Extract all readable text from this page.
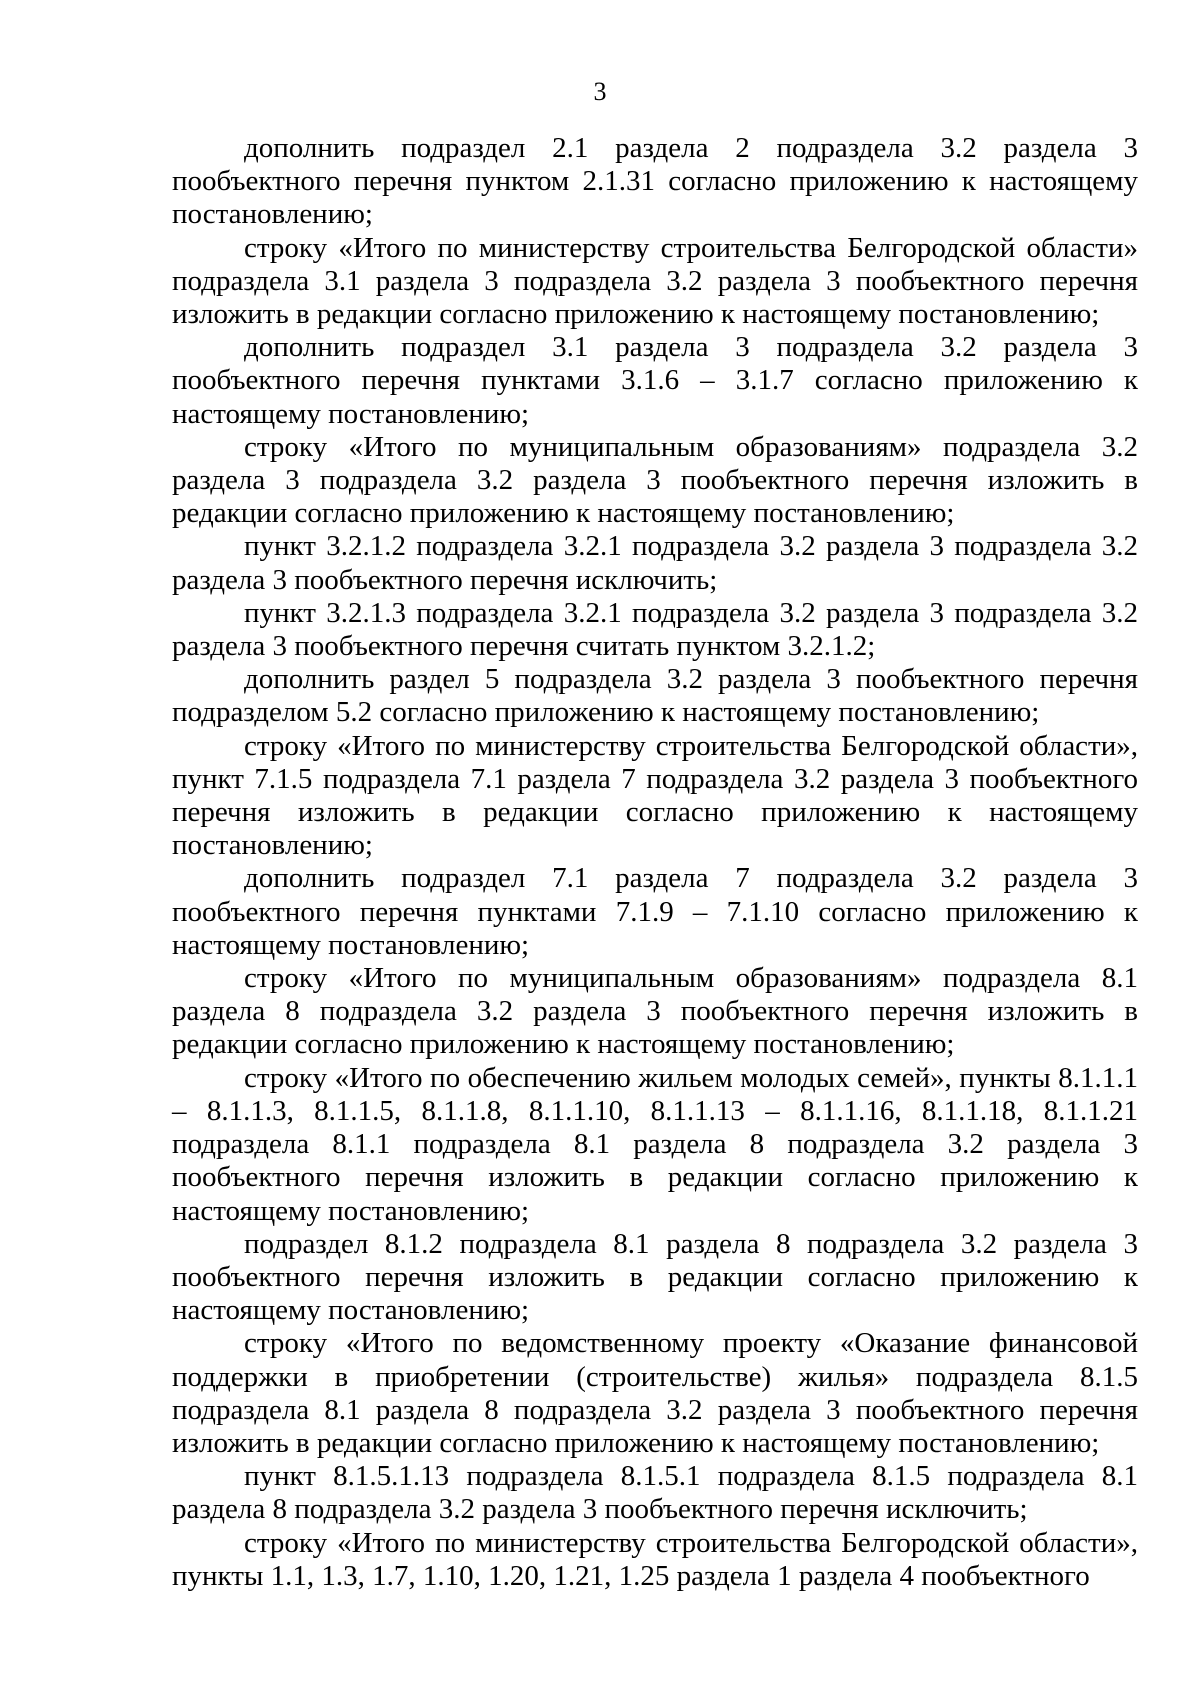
3

дополнить подраздел 2.1 раздела 2 подраздела 3.2 раздела 3 пообъектного перечня пунктом 2.1.31 согласно приложению к настоящему постановлению;

строку «Итого по министерству строительства Белгородской области» подраздела 3.1 раздела 3 подраздела 3.2 раздела 3 пообъектного перечня изложить в редакции согласно приложению к настоящему постановлению;

дополнить подраздел 3.1 раздела 3 подраздела 3.2 раздела 3 пообъектного перечня пунктами 3.1.6 – 3.1.7 согласно приложению к настоящему постановлению;

строку «Итого по муниципальным образованиям» подраздела 3.2 раздела 3 подраздела 3.2 раздела 3 пообъектного перечня изложить в редакции согласно приложению к настоящему постановлению;

пункт 3.2.1.2 подраздела 3.2.1 подраздела 3.2 раздела 3 подраздела 3.2 раздела 3 пообъектного перечня исключить;

пункт 3.2.1.3 подраздела 3.2.1 подраздела 3.2 раздела 3 подраздела 3.2 раздела 3 пообъектного перечня считать пунктом 3.2.1.2;

дополнить раздел 5 подраздела 3.2 раздела 3 пообъектного перечня подразделом 5.2 согласно приложению к настоящему постановлению;

строку «Итого по министерству строительства Белгородской области», пункт 7.1.5 подраздела 7.1 раздела 7 подраздела 3.2 раздела 3 пообъектного перечня изложить в редакции согласно приложению к настоящему постановлению;

дополнить подраздел 7.1 раздела 7 подраздела 3.2 раздела 3 пообъектного перечня пунктами 7.1.9 – 7.1.10 согласно приложению к настоящему постановлению;

строку «Итого по муниципальным образованиям» подраздела 8.1 раздела 8 подраздела 3.2 раздела 3 пообъектного перечня изложить в редакции согласно приложению к настоящему постановлению;

строку «Итого по обеспечению жильем молодых семей», пункты 8.1.1.1 – 8.1.1.3, 8.1.1.5, 8.1.1.8, 8.1.1.10, 8.1.1.13 – 8.1.1.16, 8.1.1.18, 8.1.1.21 подраздела 8.1.1 подраздела 8.1 раздела 8 подраздела 3.2 раздела 3 пообъектного перечня изложить в редакции согласно приложению к настоящему постановлению;

подраздел 8.1.2 подраздела 8.1 раздела 8 подраздела 3.2 раздела 3 пообъектного перечня изложить в редакции согласно приложению к настоящему постановлению;

строку «Итого по ведомственному проекту «Оказание финансовой поддержки в приобретении (строительстве) жилья» подраздела 8.1.5 подраздела 8.1 раздела 8 подраздела 3.2 раздела 3 пообъектного перечня изложить в редакции согласно приложению к настоящему постановлению;

пункт 8.1.5.1.13 подраздела 8.1.5.1 подраздела 8.1.5 подраздела 8.1 раздела 8 подраздела 3.2 раздела 3 пообъектного перечня исключить;

строку «Итого по министерству строительства Белгородской области», пункты 1.1, 1.3, 1.7, 1.10, 1.20, 1.21, 1.25 раздела 1 раздела 4 пообъектного
